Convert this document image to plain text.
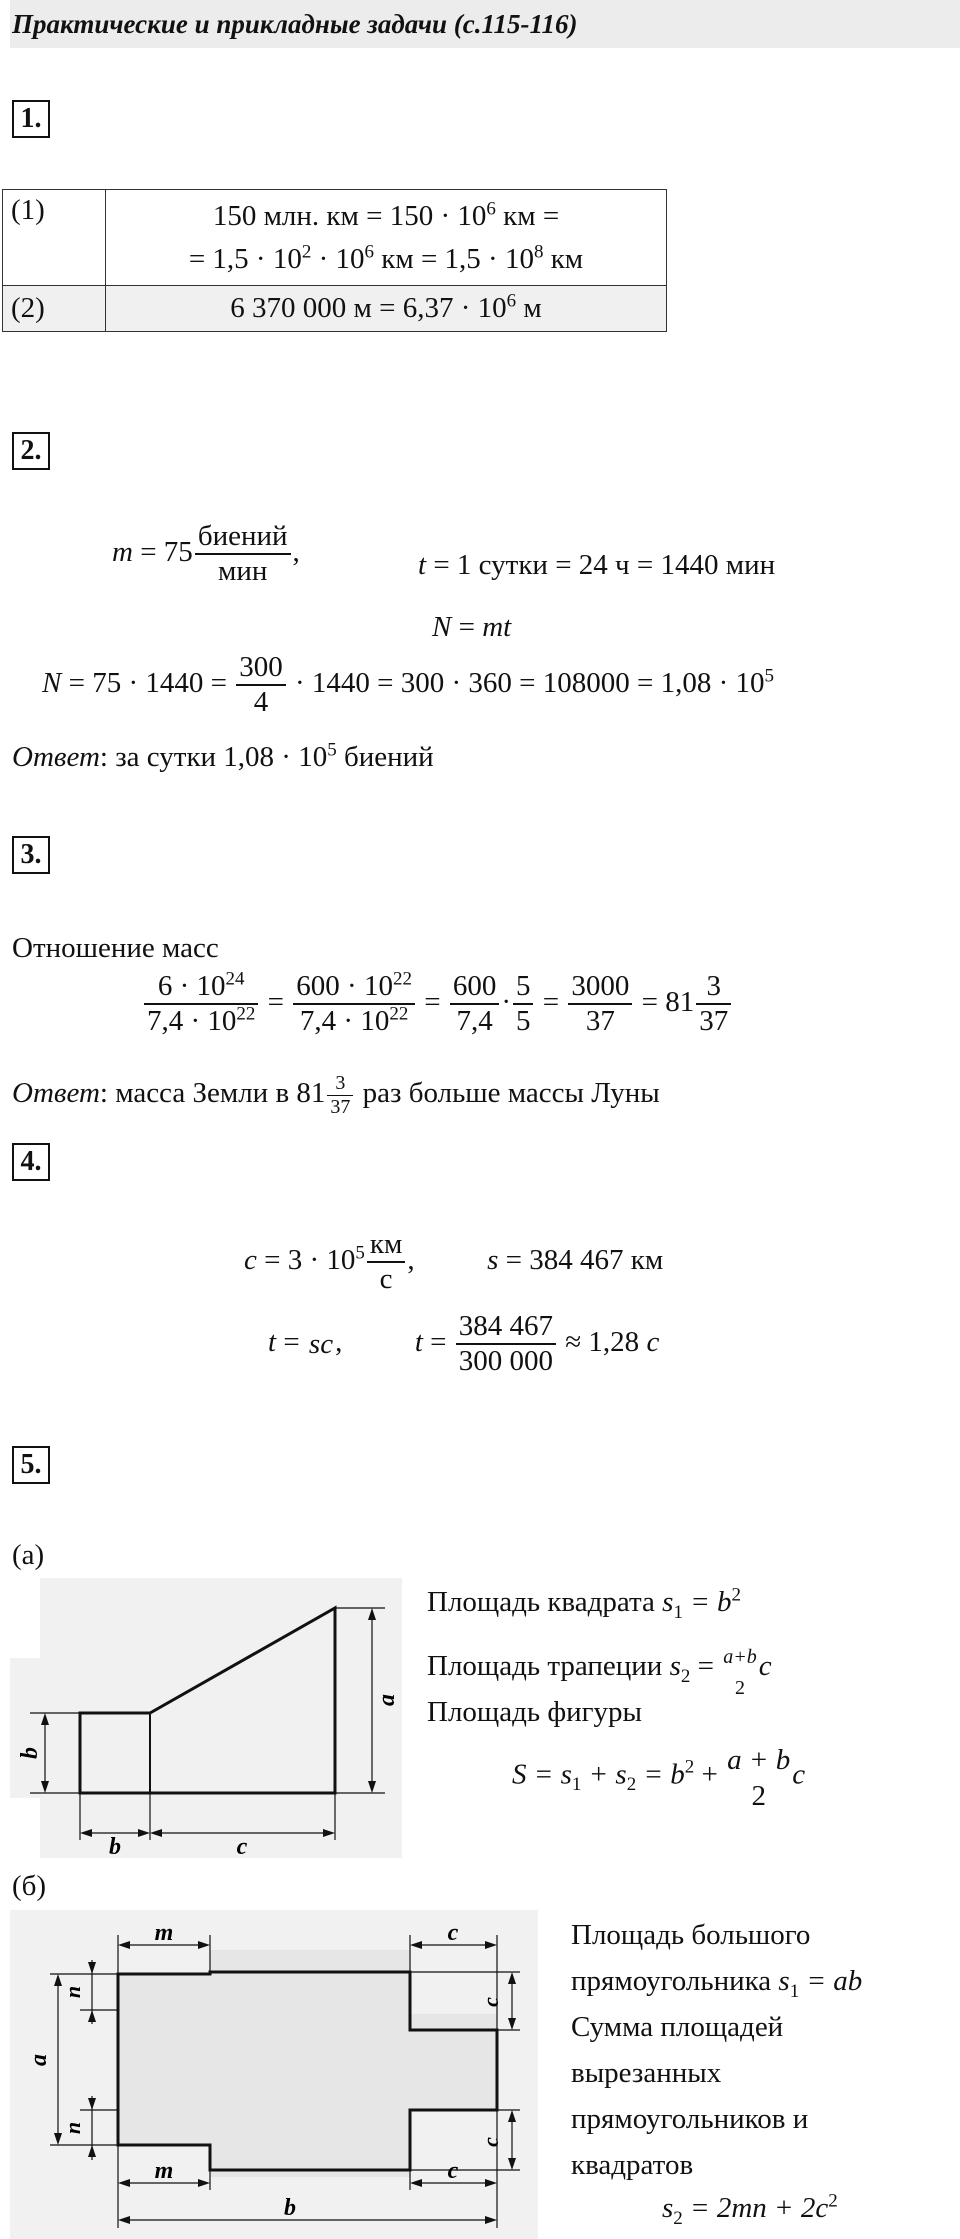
Практические и прикладные задачи (с.115-116)
1.
2.
3.
4.
5.
(1)	150 млн. км = $150 \cdot 10^6$ км =
= $1,5 \cdot 10^2 \cdot 10^6$ км = $1,5 \cdot 10^8$ км

(2)	6 370 000 $м = 6,37 \cdot 10^6$ м
m = 75 биений
мин
,	t = 1 сутки = 24 ч = 1440 мин
N = mt
$N = 75 \cdot 1440 = \frac{300}{4} \cdot 1440 = 300 \cdot 360 = 108000 = 1,08 \cdot 10^5$
Ответ: за сутки $1,08 \cdot 10^5$ биений
Отношение масс
$\frac{6 \cdot 10^{24}}{7,4 \cdot 10^{22}} = \frac{600 \cdot 10^{22}}{7,4 \cdot 10^{22}} = \frac{600}{7,4} \cdot \frac{5}{5} = \frac{3000}{37} = 81 \frac{3}{37}$
Ответ: масса Земли в $81 \frac{3}{37}$ раз больше массы Луны
$c = 3 \cdot 10^5$ км
с
,	s = 384 467 км
t = sc,	$t = \frac{384 467}{300 000} \approx 1,28$ с
(а)
b
b	c
a
Площадь квадрата $s_1 = b^2$
Площадь трапеции $s_2 = a+b$
2
c
Площадь фигуры
$S = s_1 + s_2 = b^2 + a + b$
2
c
(б)
m	c
n
a
n
c
c
m	c
b
Площадь большого
прямоугольника $s_1$ = ab
Сумма площадей
вырезанных
прямоугольников и
квадратов
$s_2 = 2mn + 2c^2$
